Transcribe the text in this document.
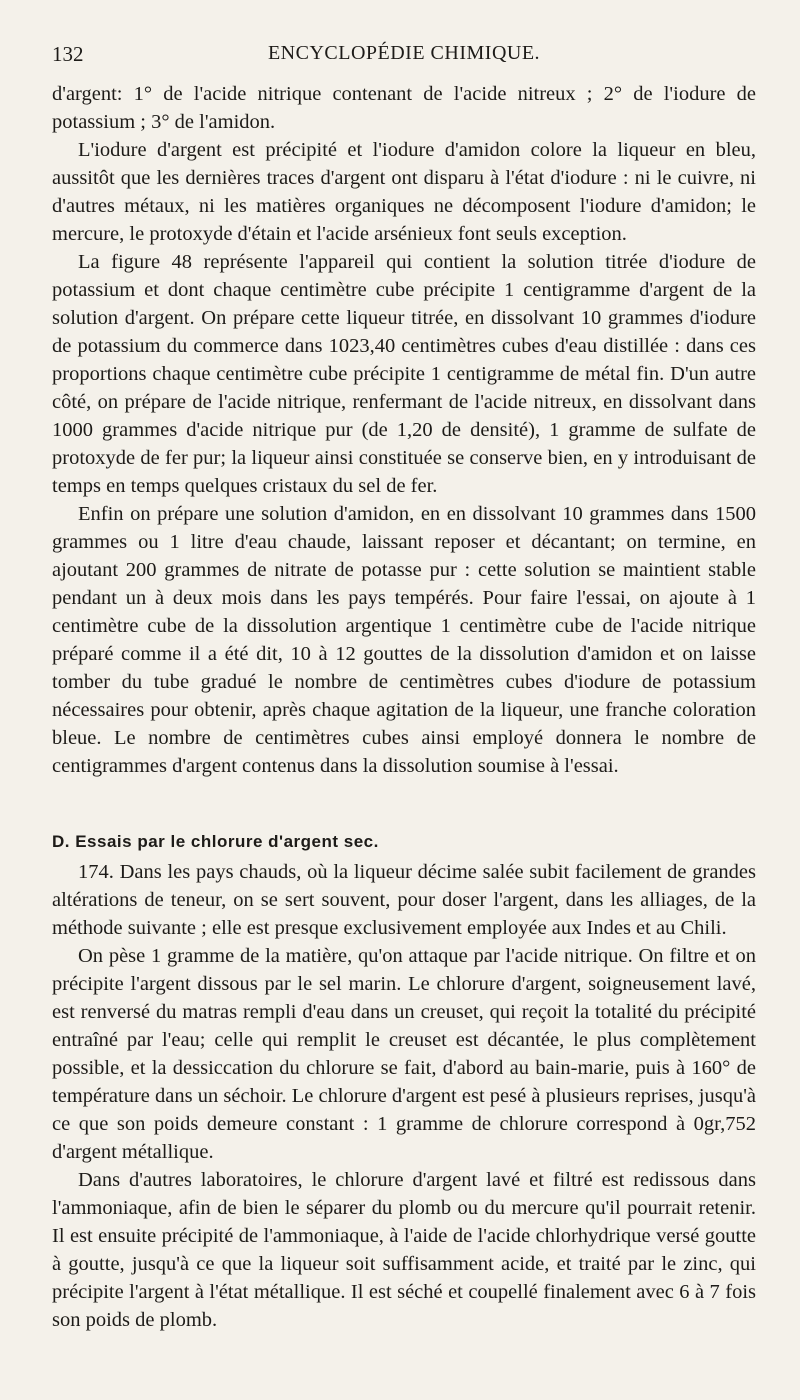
132	ENCYCLOPÉDIE CHIMIQUE.

d'argent: 1° de l'acide nitrique contenant de l'acide nitreux ; 2° de l'iodure de potassium ; 3° de l'amidon.

L'iodure d'argent est précipité et l'iodure d'amidon colore la liqueur en bleu, aussitôt que les dernières traces d'argent ont disparu à l'état d'iodure : ni le cuivre, ni d'autres métaux, ni les matières organiques ne décomposent l'iodure d'amidon; le mercure, le protoxyde d'étain et l'acide arsénieux font seuls exception.

La figure 48 représente l'appareil qui contient la solution titrée d'iodure de potassium et dont chaque centimètre cube précipite 1 centigramme d'argent de la solution d'argent. On prépare cette liqueur titrée, en dissolvant 10 grammes d'iodure de potassium du commerce dans 1023,40 centimètres cubes d'eau distillée : dans ces proportions chaque centimètre cube précipite 1 centigramme de métal fin. D'un autre côté, on prépare de l'acide nitrique, renfermant de l'acide nitreux, en dissolvant dans 1000 grammes d'acide nitrique pur (de 1,20 de densité), 1 gramme de sulfate de protoxyde de fer pur; la liqueur ainsi constituée se conserve bien, en y introduisant de temps en temps quelques cristaux du sel de fer.

Enfin on prépare une solution d'amidon, en en dissolvant 10 grammes dans 1500 grammes ou 1 litre d'eau chaude, laissant reposer et décantant; on termine, en ajoutant 200 grammes de nitrate de potasse pur : cette solution se maintient stable pendant un à deux mois dans les pays tempérés. Pour faire l'essai, on ajoute à 1 centimètre cube de la dissolution argentique 1 centimètre cube de l'acide nitrique préparé comme il a été dit, 10 à 12 gouttes de la dissolution d'amidon et on laisse tomber du tube gradué le nombre de centimètres cubes d'iodure de potassium nécessaires pour obtenir, après chaque agitation de la liqueur, une franche coloration bleue. Le nombre de centimètres cubes ainsi employé donnera le nombre de centigrammes d'argent contenus dans la dissolution soumise à l'essai.

D. Essais par le chlorure d'argent sec.

174. Dans les pays chauds, où la liqueur décime salée subit facilement de grandes altérations de teneur, on se sert souvent, pour doser l'argent, dans les alliages, de la méthode suivante ; elle est presque exclusivement employée aux Indes et au Chili.

On pèse 1 gramme de la matière, qu'on attaque par l'acide nitrique. On filtre et on précipite l'argent dissous par le sel marin. Le chlorure d'argent, soigneusement lavé, est renversé du matras rempli d'eau dans un creuset, qui reçoit la totalité du précipité entraîné par l'eau; celle qui remplit le creuset est décantée, le plus complètement possible, et la dessiccation du chlorure se fait, d'abord au bain-marie, puis à 160° de température dans un séchoir. Le chlorure d'argent est pesé à plusieurs reprises, jusqu'à ce que son poids demeure constant : 1 gramme de chlorure correspond à 0gr,752 d'argent métallique.

Dans d'autres laboratoires, le chlorure d'argent lavé et filtré est redissous dans l'ammoniaque, afin de bien le séparer du plomb ou du mercure qu'il pourrait retenir. Il est ensuite précipité de l'ammoniaque, à l'aide de l'acide chlorhydrique versé goutte à goutte, jusqu'à ce que la liqueur soit suffisamment acide, et traité par le zinc, qui précipite l'argent à l'état métallique. Il est séché et coupellé finalement avec 6 à 7 fois son poids de plomb.
